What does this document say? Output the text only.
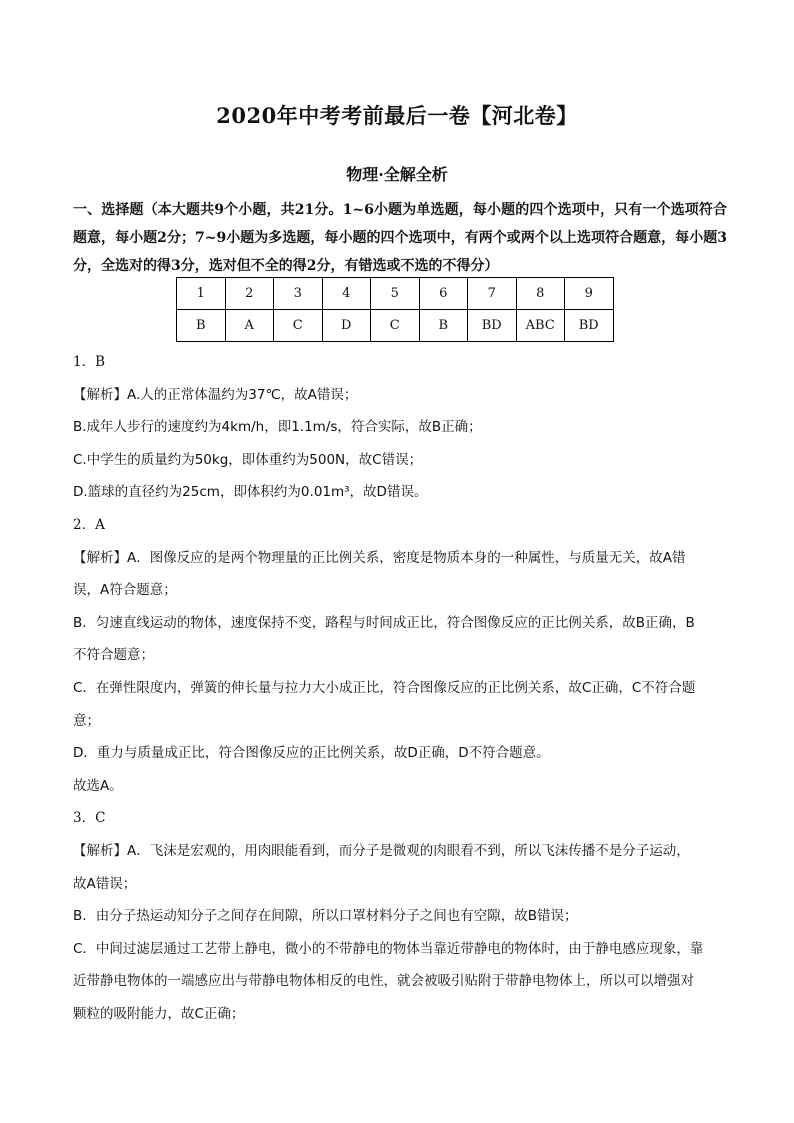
2020年中考考前最后一卷【河北卷】
物理·全解全析
一、选择题（本大题共9个小题，共21分。1~6小题为单选题，每小题的四个选项中，只有一个选项符合题意，每小题2分；7~9小题为多选题，每小题的四个选项中，有两个或两个以上选项符合题意，每小题3分，全选对的得3分，选对但不全的得2分，有错选或不选的不得分）
1	2	3	4	5	6	7	8	9
B	A	C	D	C	B	BD	ABC	BD
1．B
【解析】A.人的正常体温约为37℃，故A错误；
B.成年人步行的速度约为4km/h，即1.1m/s，符合实际，故B正确；
C.中学生的质量约为50kg，即体重约为500N，故C错误；
D.篮球的直径约为25cm，即体积约为0.01m³，故D错误。
2．A
【解析】A．图像反应的是两个物理量的正比例关系，密度是物质本身的一种属性，与质量无关，故A错
误，A符合题意；
B．匀速直线运动的物体，速度保持不变，路程与时间成正比，符合图像反应的正比例关系，故B正确，B
不符合题意；
C．在弹性限度内，弹簧的伸长量与拉力大小成正比，符合图像反应的正比例关系，故C正确，C不符合题
意；
D．重力与质量成正比，符合图像反应的正比例关系，故D正确，D不符合题意。
故选A。
3．C
【解析】A．飞沫是宏观的，用肉眼能看到，而分子是微观的肉眼看不到，所以飞沫传播不是分子运动，
故A错误；
B．由分子热运动知分子之间存在间隙，所以口罩材料分子之间也有空隙，故B错误；
C．中间过滤层通过工艺带上静电，微小的不带静电的物体当靠近带静电的物体时，由于静电感应现象，靠
近带静电物体的一端感应出与带静电物体相反的电性，就会被吸引贴附于带静电物体上，所以可以增强对
颗粒的吸附能力，故C正确；
